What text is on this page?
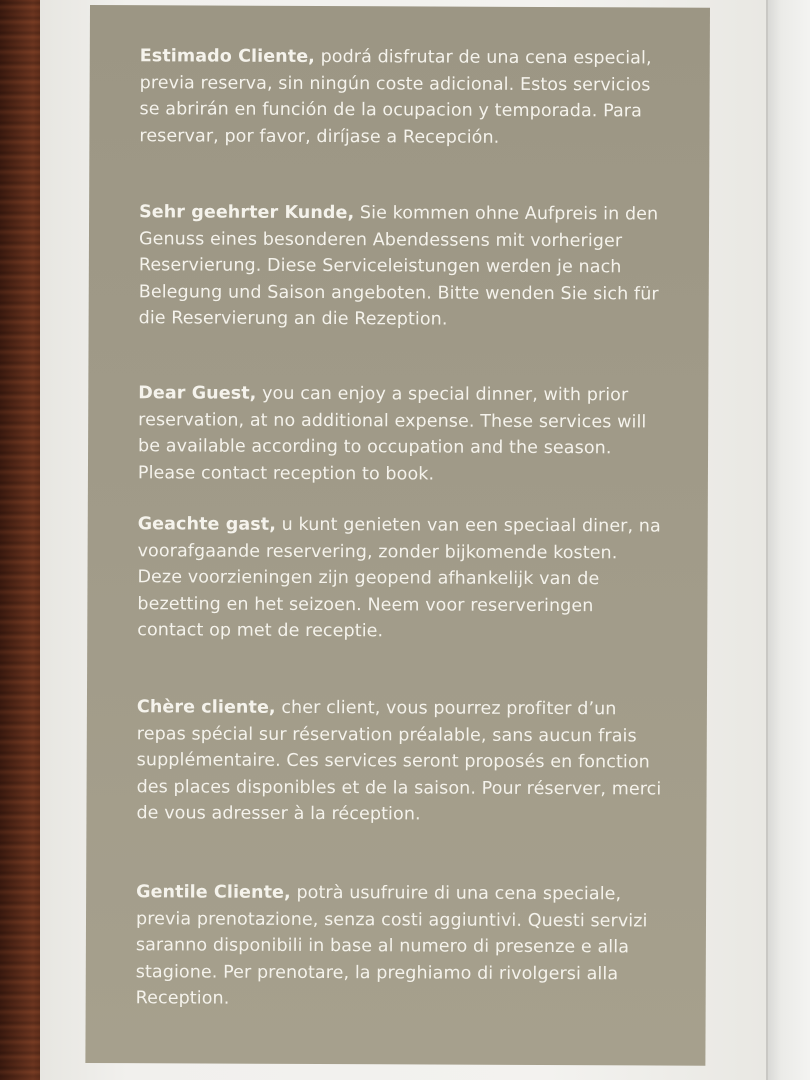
Estimado Cliente, podrá disfrutar de una cena especial, previa reserva, sin ningún coste adicional. Estos servicios se abrirán en función de la ocupacion y temporada. Para reservar, por favor, diríjase a Recepción.

Sehr geehrter Kunde, Sie kommen ohne Aufpreis in den Genuss eines besonderen Abendessens mit vorheriger Reservierung. Diese Serviceleistungen werden je nach Belegung und Saison angeboten. Bitte wenden Sie sich für die Reservierung an die Rezeption.

Dear Guest, you can enjoy a special dinner, with prior reservation, at no additional expense. These services will be available according to occupation and the season. Please contact reception to book.

Geachte gast, u kunt genieten van een speciaal diner, na voorafgaande reservering, zonder bijkomende kosten. Deze voorzieningen zijn geopend afhankelijk van de bezetting en het seizoen. Neem voor reserveringen contact op met de receptie.

Chère cliente, cher client, vous pourrez profiter d’un repas spécial sur réservation préalable, sans aucun frais supplémentaire. Ces services seront proposés en fonction des places disponibles et de la saison. Pour réserver, merci de vous adresser à la réception.

Gentile Cliente, potrà usufruire di una cena speciale, previa prenotazione, senza costi aggiuntivi. Questi servizi saranno disponibili in base al numero di presenze e alla stagione. Per prenotare, la preghiamo di rivolgersi alla Reception.
